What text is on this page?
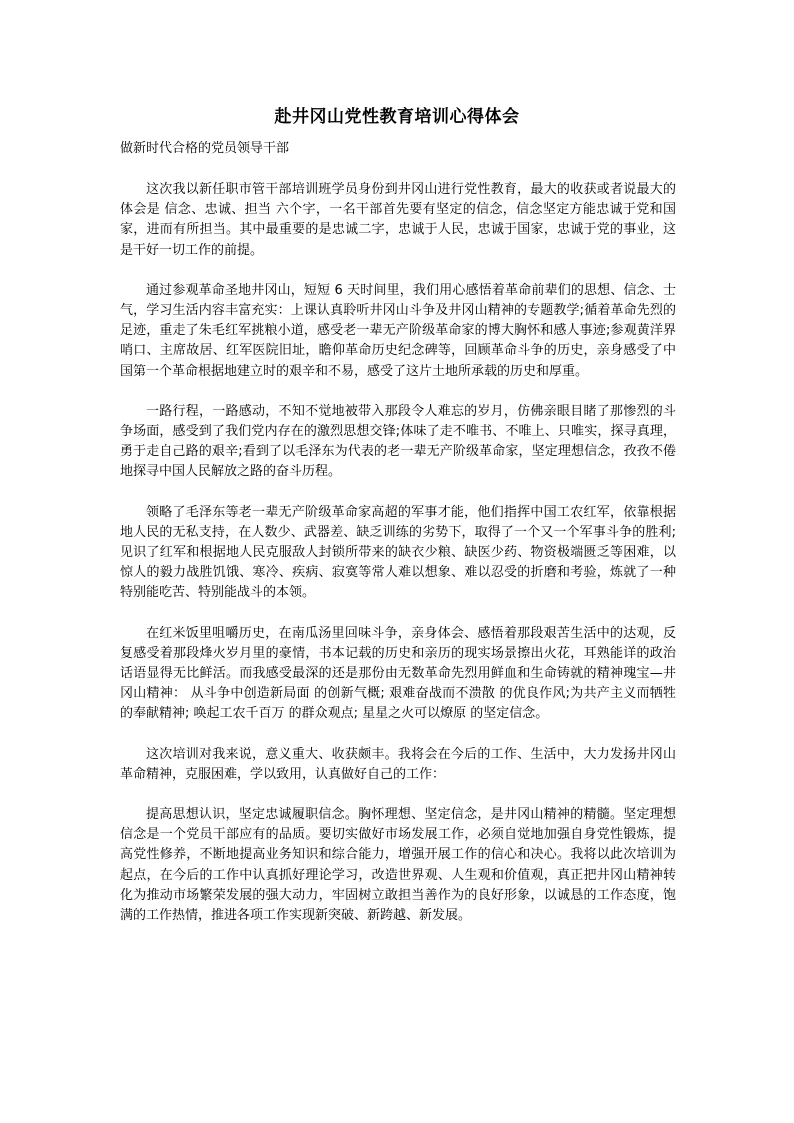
赴井冈山党性教育培训心得体会

做新时代合格的党员领导干部

这次我以新任职市管干部培训班学员身份到井冈山进行党性教育，最大的收获或者说最大的体会是 信念、忠诚、担当 六个字，一名干部首先要有坚定的信念，信念坚定方能忠诚于党和国家，进而有所担当。其中最重要的是忠诚二字，忠诚于人民，忠诚于国家，忠诚于党的事业，这是干好一切工作的前提。

通过参观革命圣地井冈山，短短 6 天时间里，我们用心感悟着革命前辈们的思想、信念、士气，学习生活内容丰富充实：上课认真聆听井冈山斗争及井冈山精神的专题教学;循着革命先烈的足迹，重走了朱毛红军挑粮小道，感受老一辈无产阶级革命家的博大胸怀和感人事迹;参观黄洋界哨口、主席故居、红军医院旧址，瞻仰革命历史纪念碑等，回顾革命斗争的历史，亲身感受了中国第一个革命根据地建立时的艰辛和不易，感受了这片土地所承载的历史和厚重。

一路行程，一路感动，不知不觉地被带入那段令人难忘的岁月，仿佛亲眼目睹了那惨烈的斗争场面，感受到了我们党内存在的激烈思想交锋;体味了走不唯书、不唯上、只唯实，探寻真理，勇于走自己路的艰辛;看到了以毛泽东为代表的老一辈无产阶级革命家，坚定理想信念，孜孜不倦地探寻中国人民解放之路的奋斗历程。

领略了毛泽东等老一辈无产阶级革命家高超的军事才能，他们指挥中国工农红军，依靠根据地人民的无私支持，在人数少、武器差、缺乏训练的劣势下，取得了一个又一个军事斗争的胜利;见识了红军和根据地人民克服敌人封锁所带来的缺衣少粮、缺医少药、物资极端匮乏等困难，以惊人的毅力战胜饥饿、寒冷、疾病、寂寞等常人难以想象、难以忍受的折磨和考验，炼就了一种特别能吃苦、特别能战斗的本领。

在红米饭里咀嚼历史，在南瓜汤里回味斗争，亲身体会、感悟着那段艰苦生活中的达观，反复感受着那段烽火岁月里的豪情，书本记载的历史和亲历的现实场景擦出火花，耳熟能详的政治话语显得无比鲜活。而我感受最深的还是那份由无数革命先烈用鲜血和生命铸就的精神瑰宝—井冈山精神： 从斗争中创造新局面 的创新气概; 艰难奋战而不溃散 的优良作风;为共产主义而牺牲 的奉献精神; 唤起工农千百万 的群众观点; 星星之火可以燎原 的坚定信念。

这次培训对我来说，意义重大、收获颇丰。我将会在今后的工作、生活中，大力发扬井冈山革命精神，克服困难，学以致用，认真做好自己的工作：

提高思想认识，坚定忠诚履职信念。胸怀理想、坚定信念，是井冈山精神的精髓。坚定理想信念是一个党员干部应有的品质。要切实做好市场发展工作，必须自觉地加强自身党性锻炼，提高党性修养，不断地提高业务知识和综合能力，增强开展工作的信心和决心。我将以此次培训为起点，在今后的工作中认真抓好理论学习，改造世界观、人生观和价值观，真正把井冈山精神转化为推动市场繁荣发展的强大动力，牢固树立敢担当善作为的良好形象，以诚恳的工作态度，饱满的工作热情，推进各项工作实现新突破、新跨越、新发展。
